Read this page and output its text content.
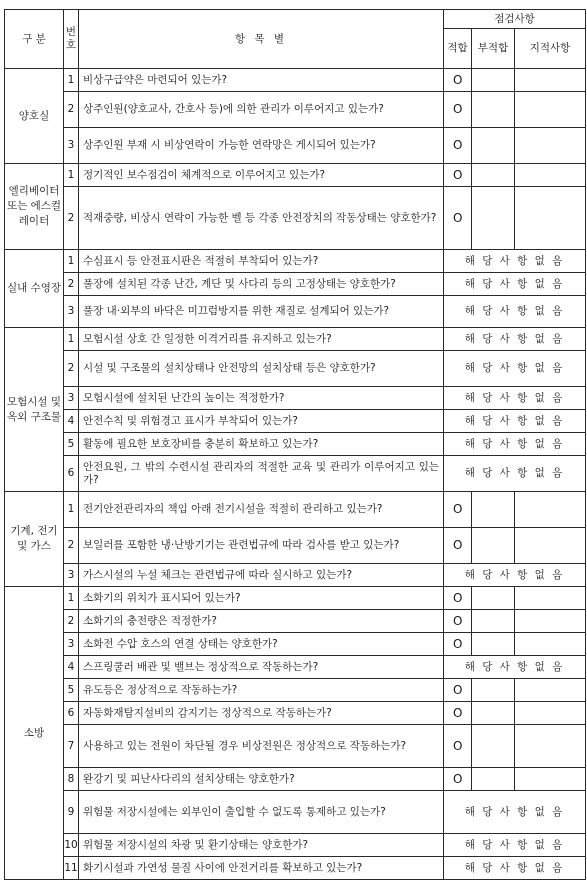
구 분	번호	항 목 별	점검사항		
			적합	부적합	지적사항
양호실	1	비상구급약은 마련되어 있는가?	O		
	2	상주인원(양호교사, 간호사 등)에 의한 관리가 이루어지고 있는가?	O		
	3	상주인원 부재 시 비상연락이 가능한 연락망은 게시되어 있는가?	O		
엘리베이터 또는 에스컬레이터	1	정기적인 보수점검이 체계적으로 이루어지고 있는가?	O		
	2	적재중량, 비상시 연락이 가능한 벨 등 각종 안전장치의 작동상태는 양호한가?	O		
실내 수영장	1	수심표시 등 안전표시판은 적절히 부착되어 있는가?	해 당 사 항 없 음		
	2	풀장에 설치된 각종 난간, 계단 및 사다리 등의 고정상태는 양호한가?	해 당 사 항 없 음		
	3	풀장 내·외부의 바닥은 미끄럼방지를 위한 재질로 설계되어 있는가?	해 당 사 항 없 음		
모험시설 및 옥외 구조물	1	모험시설 상호 간 일정한 이격거리를 유지하고 있는가?	해 당 사 항 없 음		
	2	시설 및 구조물의 설치상태나 안전망의 설치상태 등은 양호한가?	해 당 사 항 없 음		
	3	모험시설에 설치된 난간의 높이는 적정한가?	해 당 사 항 없 음		
	4	안전수칙 및 위험경고 표시가 부착되어 있는가?	해 당 사 항 없 음		
	5	활동에 필요한 보호장비를 충분히 확보하고 있는가?	해 당 사 항 없 음		
	6	안전요원, 그 밖의 수련시설 관리자의 적절한 교육 및 관리가 이루어지고 있는가?	해 당 사 항 없 음		
기계, 전기 및 가스	1	전기안전관리자의 책임 아래 전기시설을 적절히 관리하고 있는가?	O		
	2	보일러를 포함한 냉·난방기기는 관련법규에 따라 검사를 받고 있는가?	O		
	3	가스시설의 누설 체크는 관련법규에 따라 실시하고 있는가?	해 당 사 항 없 음		
소방	1	소화기의 위치가 표시되어 있는가?	O		
	2	소화기의 충전량은 적정한가?	O		
	3	소화전 수압 호스의 연결 상태는 양호한가?	O		
	4	스프링쿨러 배관 및 밸브는 정상적으로 작동하는가?	해 당 사 항 없 음		
	5	유도등은 정상적으로 작동하는가?	O		
	6	자동화재탐지설비의 감지기는 정상적으로 작동하는가?	O		
	7	사용하고 있는 전원이 차단될 경우 비상전원은 정상적으로 작동하는가?	O		
	8	완강기 및 피난사다리의 설치상태는 양호한가?	O		
	9	위험물 저장시설에는 외부인이 출입할 수 없도록 통제하고 있는가?	해 당 사 항 없 음		
	10	위험물 저장시설의 차광 및 환기상태는 양호한가?	해 당 사 항 없 음		
	11	화기시설과 가연성 물질 사이에 안전거리를 확보하고 있는가?	해 당 사 항 없 음		
